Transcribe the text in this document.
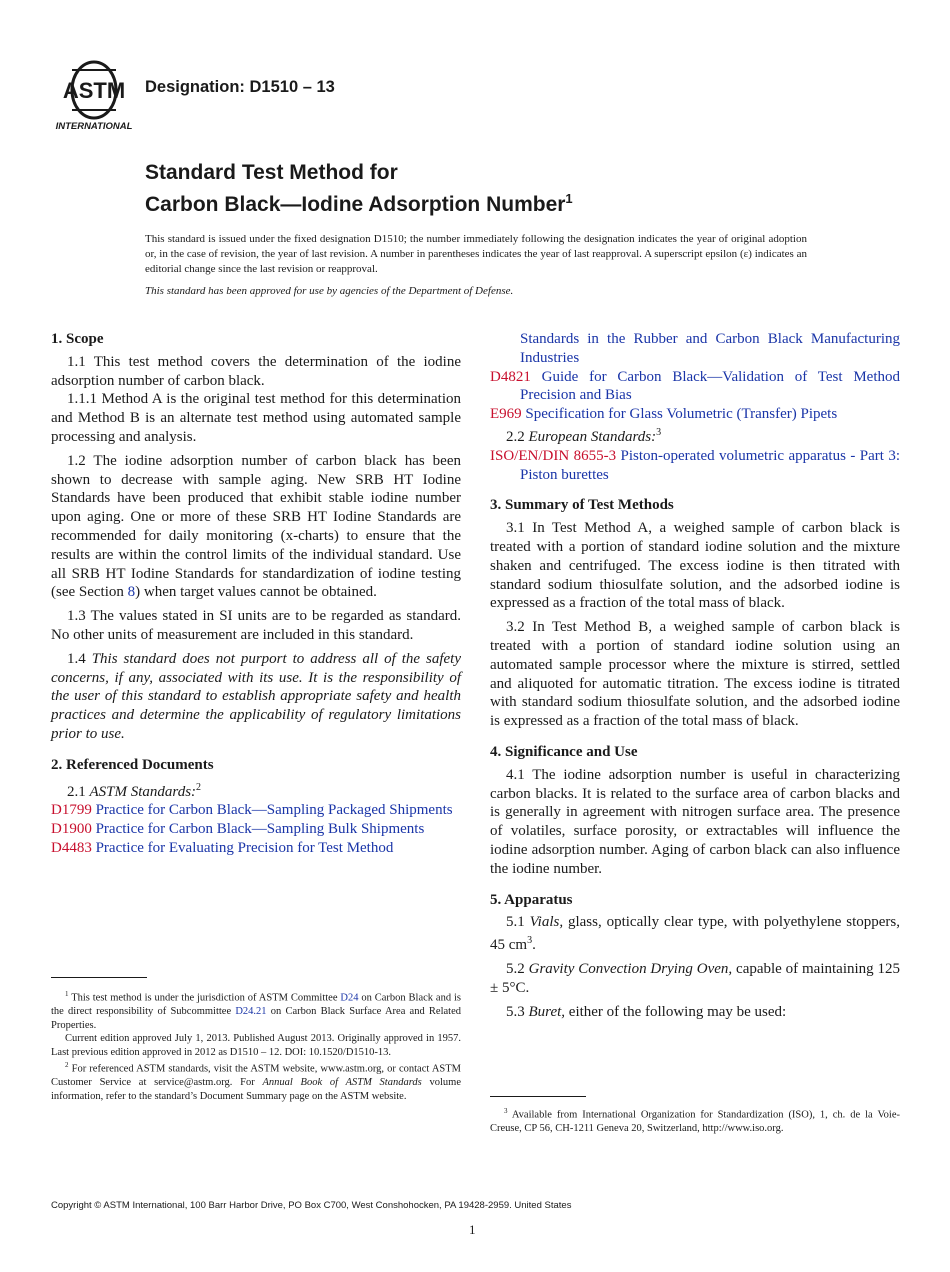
ASTM
INTERNATIONAL
Designation: D1510 – 13
Standard Test Method for
Carbon Black—Iodine Adsorption Number$^1$
This standard is issued under the fixed designation D1510; the number immediately following the designation indicates the year of original adoption or, in the case of revision, the year of last revision. A number in parentheses indicates the year of last reapproval. A superscript epsilon (ε) indicates an editorial change since the last revision or reapproval.
This standard has been approved for use by agencies of the Department of Defense.
1. Scope

1.1 This test method covers the determination of the iodine adsorption number of carbon black.

1.1.1 Method A is the original test method for this determination and Method B is an alternate test method using automated sample processing and analysis.

1.2 The iodine adsorption number of carbon black has been shown to decrease with sample aging. New SRB HT Iodine Standards have been produced that exhibit stable iodine number upon aging. One or more of these SRB HT Iodine Standards are recommended for daily monitoring (x-charts) to ensure that the results are within the control limits of the individual standard. Use all SRB HT Iodine Standards for standardization of iodine testing (see Section 8) when target values cannot be obtained.

1.3 The values stated in SI units are to be regarded as standard. No other units of measurement are included in this standard.

1.4 This standard does not purport to address all of the safety concerns, if any, associated with its use. It is the responsibility of the user of this standard to establish appropriate safety and health practices and determine the applicability of regulatory limitations prior to use.

2. Referenced Documents

2.1 ASTM Standards:$^2$

D1799 Practice for Carbon Black—Sampling Packaged Shipments
D1900 Practice for Carbon Black—Sampling Bulk Shipments
D4483 Practice for Evaluating Precision for Test Method

$^1$ This test method is under the jurisdiction of ASTM Committee D24 on Carbon Black and is the direct responsibility of Subcommittee D24.21 on Carbon Black Surface Area and Related Properties.

Current edition approved July 1, 2013. Published August 2013. Originally approved in 1957. Last previous edition approved in 2012 as D1510 – 12. DOI: 10.1520/D1510-13.

$^2$ For referenced ASTM standards, visit the ASTM website, www.astm.org, or contact ASTM Customer Service at service@astm.org. For Annual Book of ASTM Standards volume information, refer to the standard’s Document Summary page on the ASTM website.

Standards in the Rubber and Carbon Black Manufacturing Industries
D4821 Guide for Carbon Black—Validation of Test Method Precision and Bias
E969 Specification for Glass Volumetric (Transfer) Pipets

2.2 European Standards:$^3$

ISO/EN/DIN 8655-3 Piston-operated volumetric apparatus - Part 3: Piston burettes
3. Summary of Test Methods

3.1 In Test Method A, a weighed sample of carbon black is treated with a portion of standard iodine solution and the mixture shaken and centrifuged. The excess iodine is then titrated with standard sodium thiosulfate solution, and the adsorbed iodine is expressed as a fraction of the total mass of black.

3.2 In Test Method B, a weighed sample of carbon black is treated with a portion of standard iodine solution using an automated sample processor where the mixture is stirred, settled and aliquoted for automatic titration. The excess iodine is titrated with standard sodium thiosulfate solution, and the adsorbed iodine is expressed as a fraction of the total mass of black.

4. Significance and Use

4.1 The iodine adsorption number is useful in characterizing carbon blacks. It is related to the surface area of carbon blacks and is generally in agreement with nitrogen surface area. The presence of volatiles, surface porosity, or extractables will influence the iodine adsorption number. Aging of carbon black can also influence the iodine number.

5. Apparatus

5.1 Vials, glass, optically clear type, with polyethylene stoppers, 45 $cm^3$.

5.2 Gravity Convection Drying Oven, capable of maintaining 125 ± 5°C.

5.3 Buret, either of the following may be used:

$^3$ Available from International Organization for Standardization (ISO), 1, ch. de la Voie-Creuse, CP 56, CH-1211 Geneva 20, Switzerland, http://www.iso.org.

Copyright © ASTM International, 100 Barr Harbor Drive, PO Box C700, West Conshohocken, PA 19428-2959. United States
1
